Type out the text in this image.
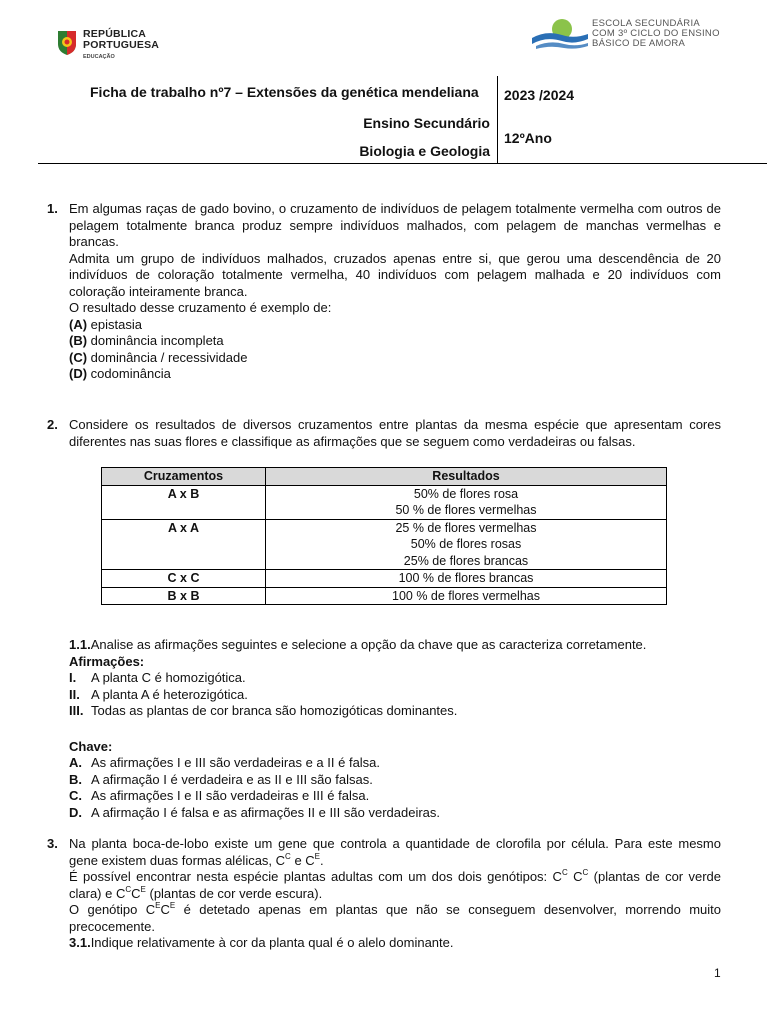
REPÚBLICA
PORTUGUESA
EDUCAÇÃO
ESCOLA SECUNDÁRIA
COM 3º CICLO DO ENSINO
BÁSICO DE AMORA
Ficha de trabalho nº7 – Extensões da genética mendeliana 2023 /2024
Ensino Secundário
12ºAno
Biologia e Geologia
1. Em algumas raças de gado bovino, o cruzamento de indivíduos de pelagem totalmente vermelha com outros de pelagem totalmente branca produz sempre indivíduos malhados, com pelagem de manchas vermelhas e brancas.
Admita um grupo de indivíduos malhados, cruzados apenas entre si, que gerou uma descendência de 20 indivíduos de coloração totalmente vermelha, 40 indivíduos com pelagem malhada e 20 indivíduos com coloração inteiramente branca.
O resultado desse cruzamento é exemplo de:
(A) epistasia
(B) dominância incompleta
(C) dominância / recessividade
(D) codominância
2. Considere os resultados de diversos cruzamentos entre plantas da mesma espécie que apresentam cores diferentes nas suas flores e classifique as afirmações que se seguem como verdadeiras ou falsas.
Cruzamentos	Resultados
A x B	50% de flores rosa
50 % de flores vermelhas

A x A	25 % de flores vermelhas
50% de flores rosas
25% de flores brancas

C x C	100 % de flores brancas
B x B	100 % de flores vermelhas
1.1.Analise as afirmações seguintes e selecione a opção da chave que as caracteriza corretamente.
Afirmações:
I. A planta C é homozigótica.
II. A planta A é heterozigótica.
III. Todas as plantas de cor branca são homozigóticas dominantes.
Chave:
A. As afirmações I e III são verdadeiras e a II é falsa.
B. A afirmação I é verdadeira e as II e III são falsas.
C. As afirmações I e II são verdadeiras e III é falsa.
D. A afirmação I é falsa e as afirmações II e III são verdadeiras.
3. Na planta boca-de-lobo existe um gene que controla a quantidade de clorofila por célula. Para este mesmo
gene existem duas formas alélicas, $C^C$ e $C^E$.
É possível encontrar nesta espécie plantas adultas com um dos dois genótipos: $C^C$ $C^C$ (plantas de cor verde
clara) e $C^CC^E$ (plantas de cor verde escura).
O genótipo $C^EC^E$ é detetado apenas em plantas que não se conseguem desenvolver, morrendo muito
precocemente.
3.1.Indique relativamente à cor da planta qual é o alelo dominante.
1
